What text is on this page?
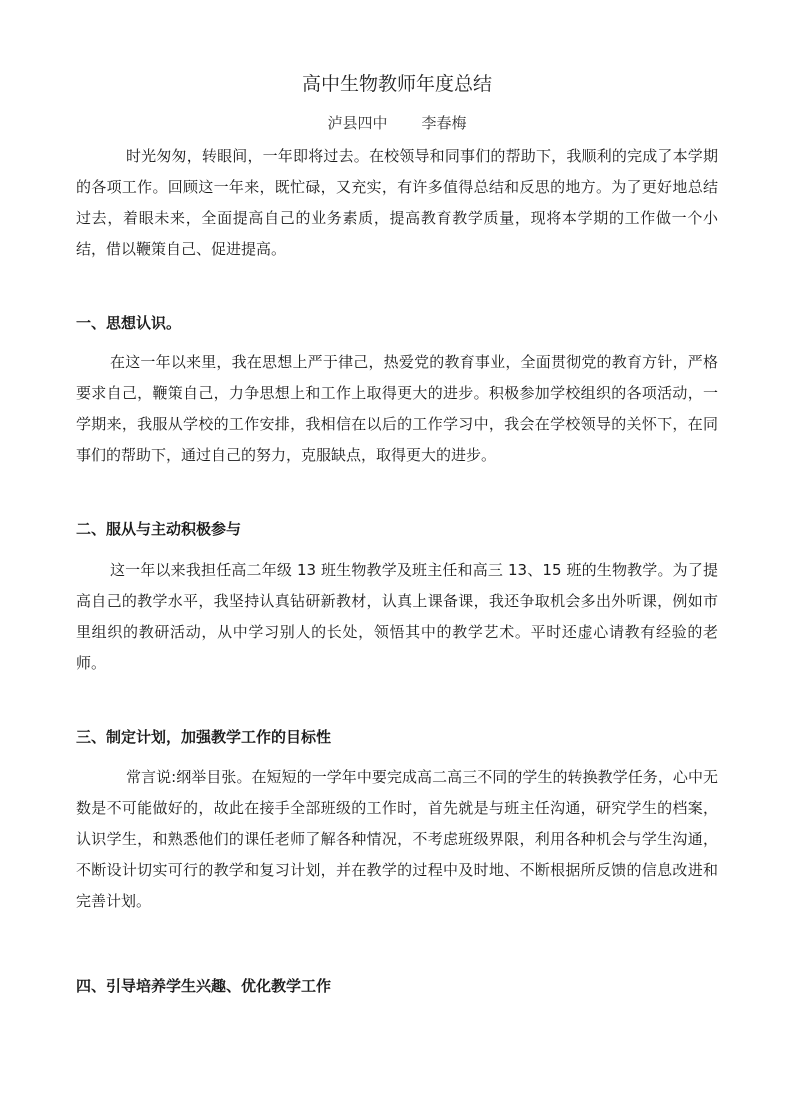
高中生物教师年度总结
泸县四中 李春梅

时光匆匆，转眼间，一年即将过去。在校领导和同事们的帮助下，我顺利的完成了本学期的各项工作。回顾这一年来，既忙碌，又充实，有许多值得总结和反思的地方。为了更好地总结过去，着眼未来，全面提高自己的业务素质，提高教育教学质量，现将本学期的工作做一个小结，借以鞭策自己、促进提高。

一、思想认识。

在这一年以来里，我在思想上严于律己，热爱党的教育事业，全面贯彻党的教育方针，严格要求自己，鞭策自己，力争思想上和工作上取得更大的进步。积极参加学校组织的各项活动，一学期来，我服从学校的工作安排，我相信在以后的工作学习中，我会在学校领导的关怀下，在同事们的帮助下，通过自己的努力，克服缺点，取得更大的进步。

二、服从与主动积极参与

这一年以来我担任高二年级 13 班生物教学及班主任和高三 13、15 班的生物教学。为了提高自己的教学水平，我坚持认真钻研新教材，认真上课备课，我还争取机会多出外听课，例如市里组织的教研活动，从中学习别人的长处，领悟其中的教学艺术。平时还虚心请教有经验的老师。

三、制定计划，加强教学工作的目标性

常言说:纲举目张。在短短的一学年中要完成高二高三不同的学生的转换教学任务，心中无数是不可能做好的，故此在接手全部班级的工作时，首先就是与班主任沟通，研究学生的档案，认识学生，和熟悉他们的课任老师了解各种情况，不考虑班级界限，利用各种机会与学生沟通，不断设计切实可行的教学和复习计划，并在教学的过程中及时地、不断根据所反馈的信息改进和完善计划。

四、引导培养学生兴趣、优化教学工作
